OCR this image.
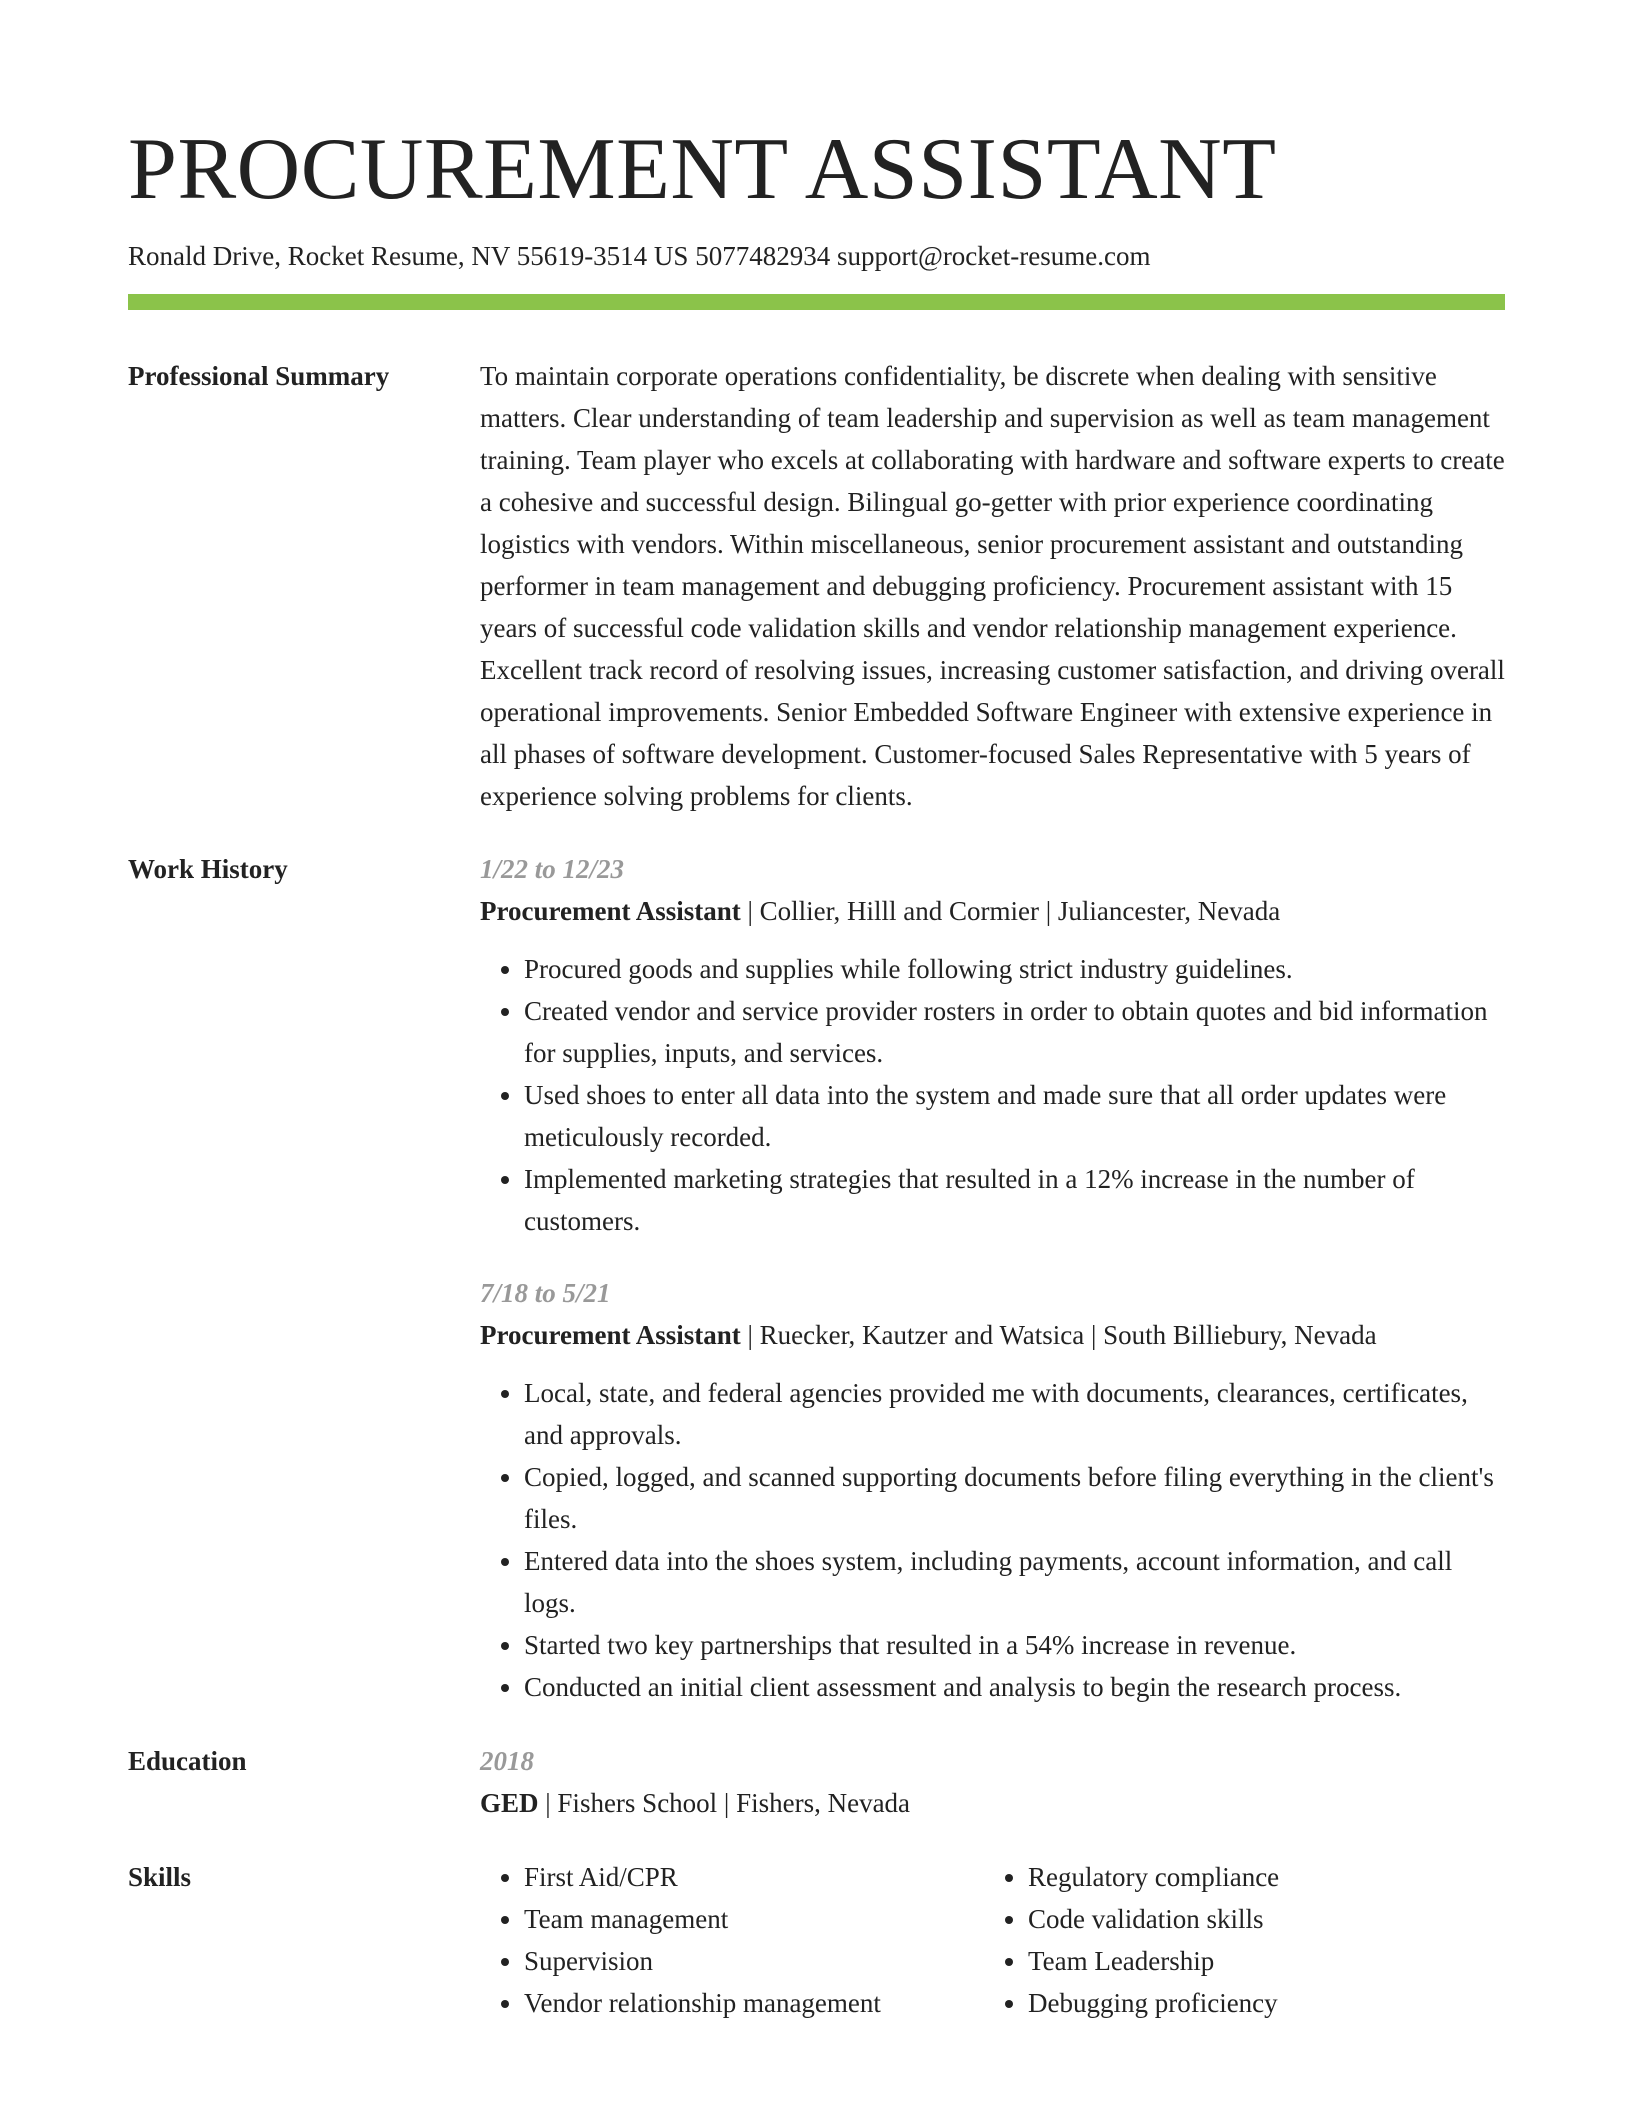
PROCUREMENT ASSISTANT
Ronald Drive, Rocket Resume, NV 55619-3514 US 5077482934 support@rocket-resume.com
Professional Summary	To maintain corporate operations confidentiality, be discrete when dealing with sensitive matters. Clear understanding of team leadership and supervision as well as team management training. Team player who excels at collaborating with hardware and software experts to create a cohesive and successful design. Bilingual go-getter with prior experience coordinating logistics with vendors. Within miscellaneous, senior procurement assistant and outstanding performer in team management and debugging proficiency. Procurement assistant with 15 years of successful code validation skills and vendor relationship management experience. Excellent track record of resolving issues, increasing customer satisfaction, and driving overall operational improvements. Senior Embedded Software Engineer with extensive experience in all phases of software development. Customer-focused Sales Representative with 5 years of experience solving problems for clients.

Work History	1/22 to 12/23
Procurement Assistant | Collier, Hilll and Cormier | Juliancester, Nevada
• Procured goods and supplies while following strict industry guidelines.
• Created vendor and service provider rosters in order to obtain quotes and bid information for supplies, inputs, and services.
• Used shoes to enter all data into the system and made sure that all order updates were meticulously recorded.
• Implemented marketing strategies that resulted in a 12% increase in the number of customers.
7/18 to 5/21
Procurement Assistant | Ruecker, Kautzer and Watsica | South Billiebury, Nevada
• Local, state, and federal agencies provided me with documents, clearances, certificates, and approvals.
• Copied, logged, and scanned supporting documents before filing everything in the client's files.
• Entered data into the shoes system, including payments, account information, and call logs.
• Started two key partnerships that resulted in a 54% increase in revenue.
• Conducted an initial client assessment and analysis to begin the research process.
Education	2018
GED | Fishers School | Fishers, Nevada
Skills
•	First Aid/CPR
• Team management
• Supervision
• Vendor relationship management
• Regulatory compliance
• Code validation skills
• Team Leadership
• Debugging proficiency
